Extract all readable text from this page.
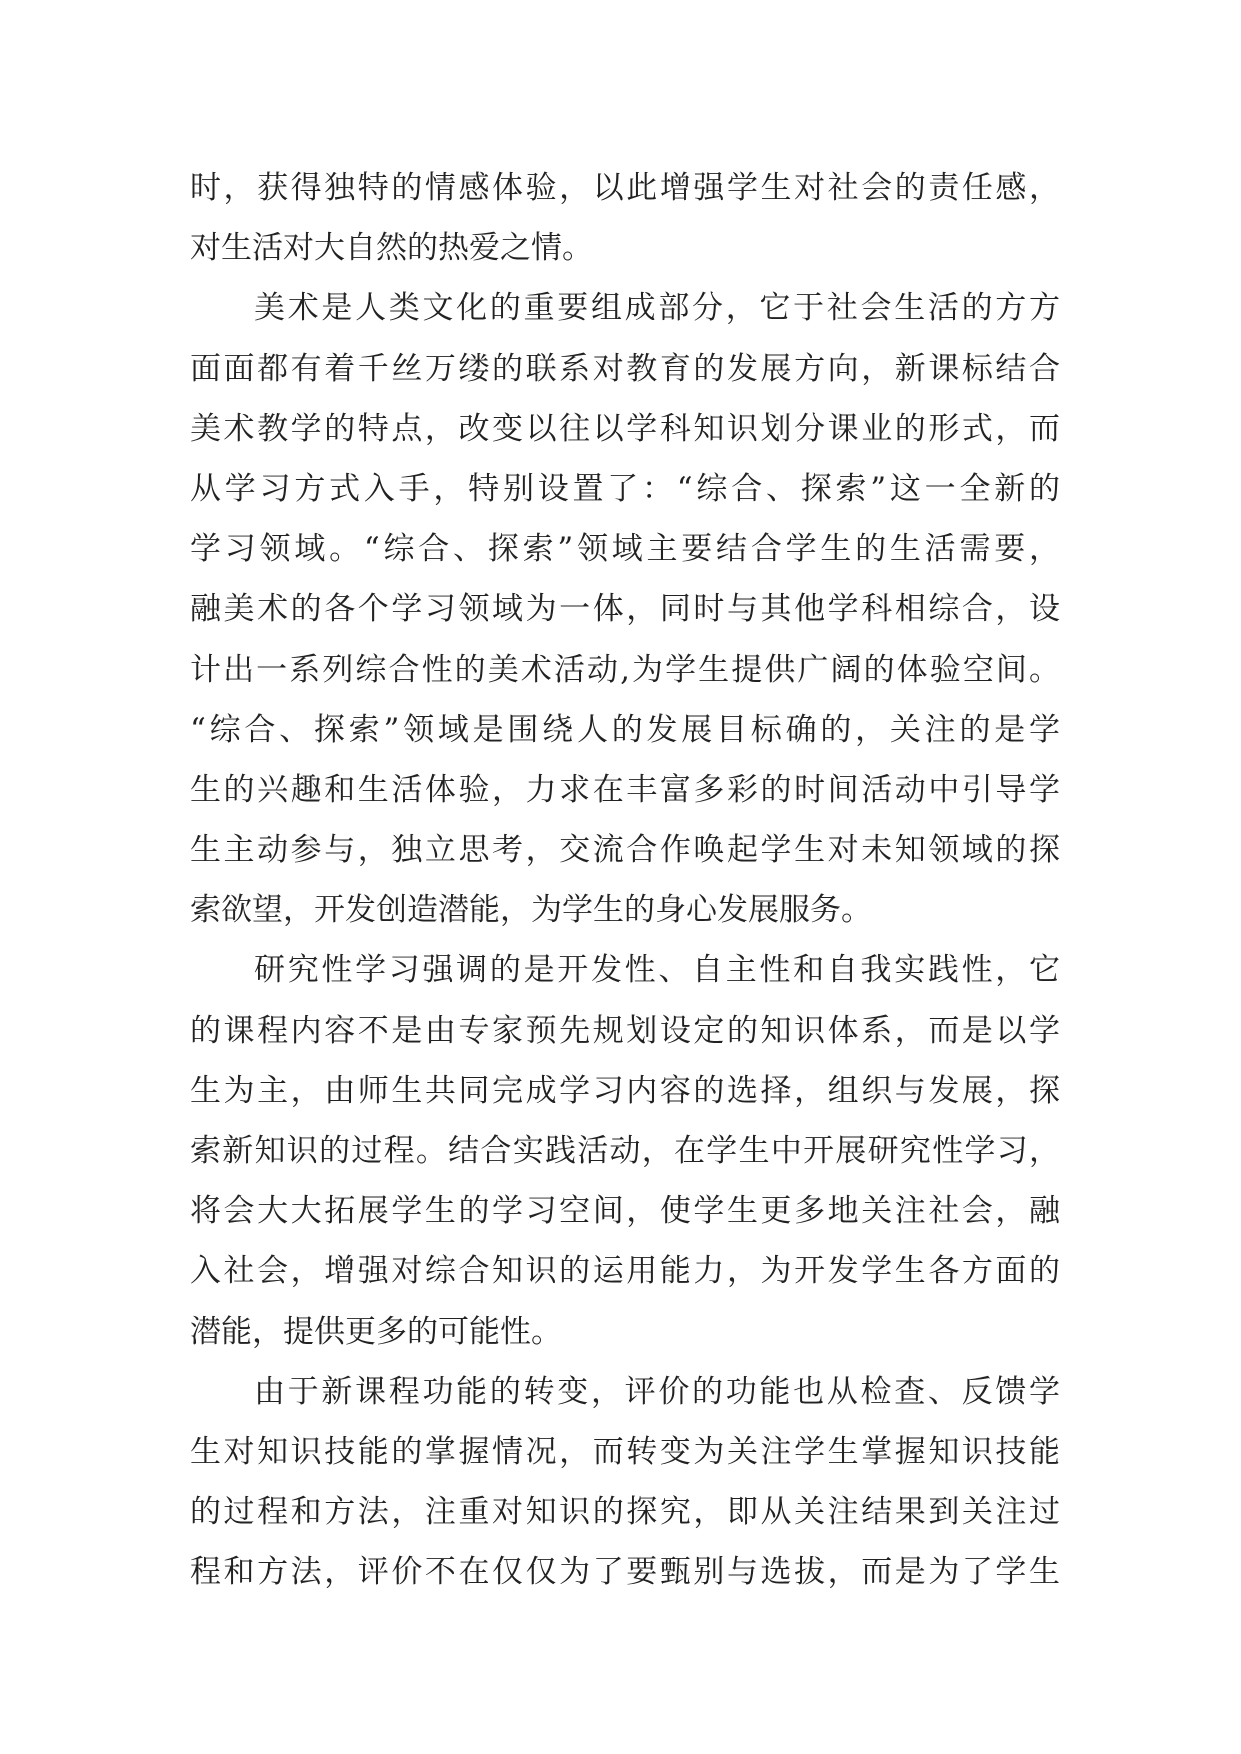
时，获得独特的情感体验，以此增强学生对社会的责任感，
对生活对大自然的热爱之情。
美术是人类文化的重要组成部分，它于社会生活的方方
面面都有着千丝万缕的联系对教育的发展方向，新课标结合
美术教学的特点，改变以往以学科知识划分课业的形式，而
从学习方式入手，特别设置了：“综合、探索”这一全新的
学习领域。“综合、探索”领域主要结合学生的生活需要，
融美术的各个学习领域为一体，同时与其他学科相综合，设
计出一系列综合性的美术活动,为学生提供广阔的体验空间。
“综合、探索”领域是围绕人的发展目标确的，关注的是学
生的兴趣和生活体验，力求在丰富多彩的时间活动中引导学
生主动参与，独立思考，交流合作唤起学生对未知领域的探
索欲望，开发创造潜能，为学生的身心发展服务。
研究性学习强调的是开发性、自主性和自我实践性，它
的课程内容不是由专家预先规划设定的知识体系，而是以学
生为主，由师生共同完成学习内容的选择，组织与发展，探
索新知识的过程。结合实践活动，在学生中开展研究性学习，
将会大大拓展学生的学习空间，使学生更多地关注社会，融
入社会，增强对综合知识的运用能力，为开发学生各方面的
潜能，提供更多的可能性。
由于新课程功能的转变，评价的功能也从检查、反馈学
生对知识技能的掌握情况，而转变为关注学生掌握知识技能
的过程和方法，注重对知识的探究，即从关注结果到关注过
程和方法，评价不在仅仅为了要甄别与选拔，而是为了学生
